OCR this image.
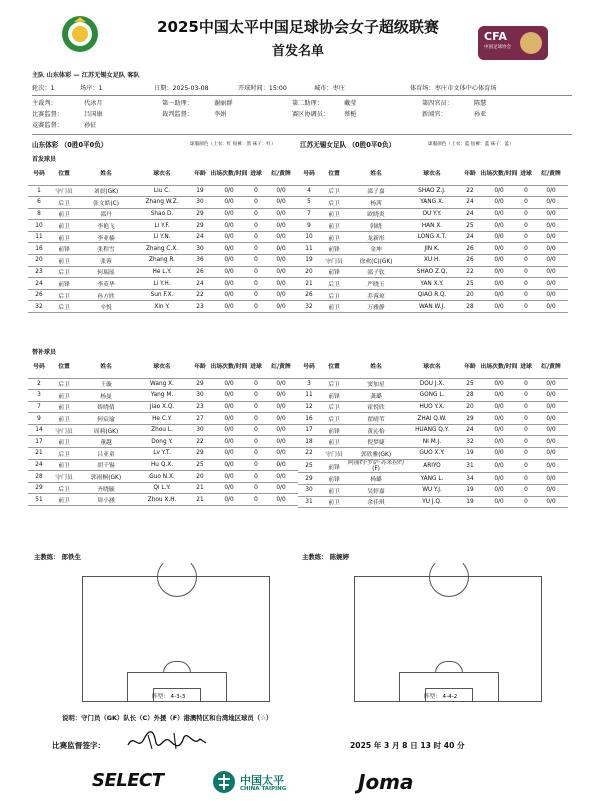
2025中国太平中国足球协会女子超级联赛
首发名单
CFA
中国足球协会
主队 山东体彩 — 江苏无锡女足队 客队
轮次：1	场序：1	日期：2025-03-08	开球时间：15:00	城市：枣庄	体育场：枣庄市文体中心体育场
主裁判：	代冰月	第一助理：	谢丽群	第二助理：	戴莹	第四官员：	陈慧
比赛监督：	吕国康	裁判监督：	李娟	赛区协调员： 蔡栀	新闻官：	孙亚
竞赛监督：	孙征
山东体彩 （0胜0平0负）	球服颜色（上衣：红 短裤：黑 袜子：红）	江苏无锡女足队 （0胜0平0负）	球服颜色（上衣：蓝 短裤：蓝 袜子：蓝）
首发球员
号码	位置	姓名	球衣名	年龄	出场次数/时间	进球	红/黄牌
1	守门员	刘晨(GK)	Liu C.	19	0/0	0	0/0
6	后卫	张文皓(C)	Zhang W.Z.	30	0/0	0	0/0
8	前卫	邵丹	Shao D.	29	0/0	0	0/0
10	前卫	李艳飞	Li Y.F.	29	0/0	0	0/0
11	前卫	李亚楠	Li Y.N.	24	0/0	0	0/0
16	前锋	张程雪	Zhang C.X.	30	0/0	0	0/0
20	前卫	张蓉	Zhang R.	36	0/0	0	0/0
23	后卫	何瑞瑶	He L.Y.	26	0/0	0	0/0
24	前锋	李英华	Li Y.H.	24	0/0	0	0/0
26	后卫	孙方欣	Sun F.X.	22	0/0	0	0/0
32	后卫	辛悦	Xin Y.	23	0/0	0	0/0
号码	位置	姓名	球衣名	年龄	出场次数/时间	进球	红/黄牌
4	后卫	邵子嘉	SHAO Z.J.	22	0/0	0	0/0
5	后卫	杨茜	YANG X.	24	0/0	0	0/0
7	前卫	欧晓炎	OU Y.Y.	24	0/0	0	0/0
9	前卫	韩晓	HAN X.	25	0/0	0	0/0
10	前卫	龙新彤	LONG X.T.	24	0/0	0	0/0
11	前锋	金坤	JIN K.	26	0/0	0	0/0
19	守门员	徐欢(C)(GK)	XU H.	26	0/0	0	0/0
20	前锋	邵子钦	SHAO Z.Q.	22	0/0	0	0/0
21	后卫	严晓玉	YAN X.Y.	25	0/0	0	0/0
26	后卫	乔蓉琼	QIAO R.Q.	20	0/0	0	0/0
32	前卫	万雅静	WAN W.J.	28	0/0	0	0/0
替补球员
号码	位置	姓名	球衣名	年龄	出场次数/时间	进球	红/黄牌
2	后卫	王璇	Wang X.	29	0/0	0	0/0
3	前卫	杨曼	Yang M.	30	0/0	0	0/0
7	前卫	娇晓倩	Jiao X.Q.	23	0/0	0	0/0
9	前卫	何宸瑜	He C.Y.	27	0/0	0	0/0
14	守门员	周莉(GK)	Zhou L.	30	0/0	0	0/0
17	前卫	董越	Dong Y.	22	0/0	0	0/0
21	后卫	吕亚童	Lv Y.T.	29	0/0	0	0/0
24	前卫	胡千锡	Hu Q.X.	25	0/0	0	0/0
28	守门员	郭雨桐(GK)	Guo N.X.	20	0/0	0	0/0
29	后卫	齐晓毓	Qi L.Y.	21	0/0	0	0/0
51	前卫	周小涵	Zhou X.H.	21	0/0	0	0/0
号码	位置	姓名	球衣名	年龄	出场次数/时间	进球	红/黄牌
3	后卫	窦加星	DOU J.X.	25	0/0	0	0/0
11	前锋	龚璐	GONG L.	28	0/0	0	0/0
12	后卫	霍悦欣	HUO Y.X.	20	0/0	0	0/0
16	后卫	翟晴苇	ZHAI Q.W.	29	0/0	0	0/0
17	前锋	黄沁怡	HUANG Q.Y.	24	0/0	0	0/0
18	前卫	倪梦婕	NI M.J.	32	0/0	0	0/0
22	守门员	郭欣雅(GK)	GUO X.Y.	19	0/0	0	0/0
25	前锋	阿丽约·罗萨·苏米拉约(F)	ARIYO	31	0/0	0	0/0
29	前锋	杨璐	YANG L.	34	0/0	0	0/0
30	前卫	吴婷嘉	WU Y.J.	19	0/0	0	0/0
31	前卫	余佳琪	YU J.Q.	19	0/0	0	0/0
主教练： 郎铁生	主教练： 陈婉婷
阵型： 4-3-3	阵型： 4-4-2
说明：守门员（GK）队长（C）外援（F）港澳特区和台湾地区球员（☆）
比赛监督签字：	2025 年 3 月 8 日 13 时 40 分
SELECT	中国太平
CHINA TAIPING	Joma
